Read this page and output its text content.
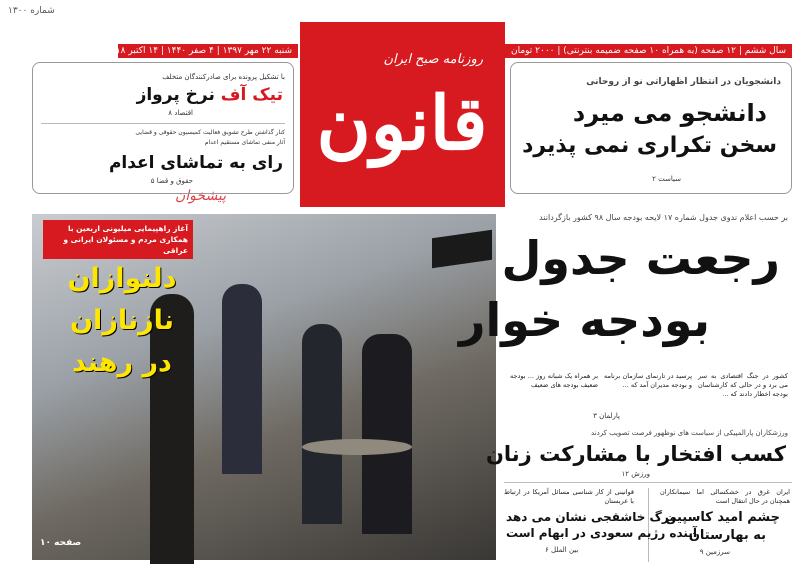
شماره ۱۳۰۰
شنبه ۲۲ مهر ۱۳۹۷ | ۴ صفر ۱۴۴۰ | ۱۴ اکتبر ۲۰۱۸	سال ششم | ۱۲ صفحه (به همراه ۱۰ صفحه ضمیمه بنترنتی) | ۲۰۰۰ تومان
روزنامه صبح ایران
قانون
پیشخوان
دانشجویان در انتظار اظهاراتی نو از روحانی
دانشجو می میرد
سخن تکراری نمی پذیرد
سیاست ۲
با تشکیل پرونده برای صادرکنندگان متخلف
تیک آف نرخ پرواز
اقتصاد ۸
کنار گذاشتن طرح تشویق فعالیت کمیسیون حقوقی و قضایی
آثار منفی تماشای مستقیم اعدام
رای به تماشای اعدام
حقوق و قضا ۵
آغاز راهپیمایی میلیونی اربعین با همکاری مردم و مسئولان ایرانی و عراقی
دلنوازان
نازنازان
در رهند
صفحه ۱۰
بر حسب اعلام ندوی جدول شماره ۱۷ لایحه بودجه سال ۹۸ کشور بازگردانند
رجعت جدول
بودجه خوار
کشور در جنگ اقتصادی به سر می برد و در حالی که کارشناسان بودجه اخطار دادند که ...
پرسید در تارنمای سازمان برنامه و بودجه مدیران آمد که ...
بر همراه یک شبانه روز ... بودجه ضعیف بودجه های ضعیف
پارلمان ۳
ورزشکاران پارالمپیکی از سیاست های نوظهور فرصت تصویب کردند
کسب افتخار با مشارکت زنان
ورزش ۱۲
ایران غرق در خشکسالی اما سیمانکاران همچنان در حال انتقال است
چشم امید کاسپین
به بهارستان
سرزمین ۹
قوانینی از کار شناسی مسائل آمریکا در ارتباط با عربستان
مرگ خاشقجی نشان می دهد
آینده رژیم سعودی در ابهام است
بین الملل ۶
